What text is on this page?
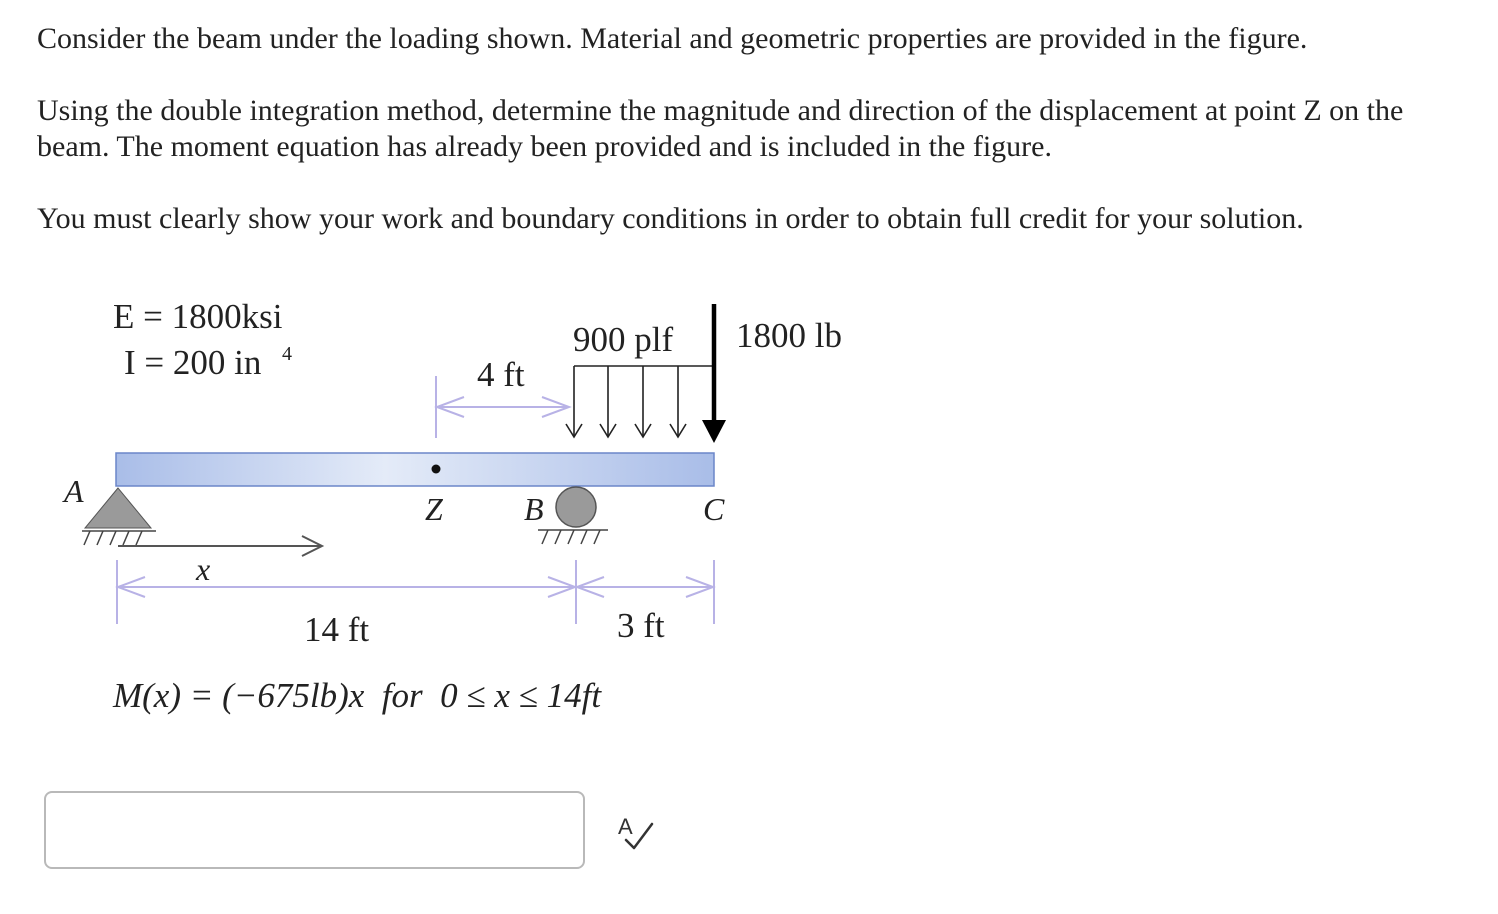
Consider the beam under the loading shown. Material and geometric properties are provided in the figure.

Using the double integration method, determine the magnitude and direction of the displacement at point Z on the beam. The moment equation has already been provided and is included in the figure.

You must clearly show your work and boundary conditions in order to obtain full credit for your solution.

E = 1800ksi
I = 200 in 4
A	Z	B	C
x
900 plf 1800 lb
4 ft
14 ft	3 ft
M(x) = (−675lb)x  for  0 ≤ x ≤ 14ft
A
